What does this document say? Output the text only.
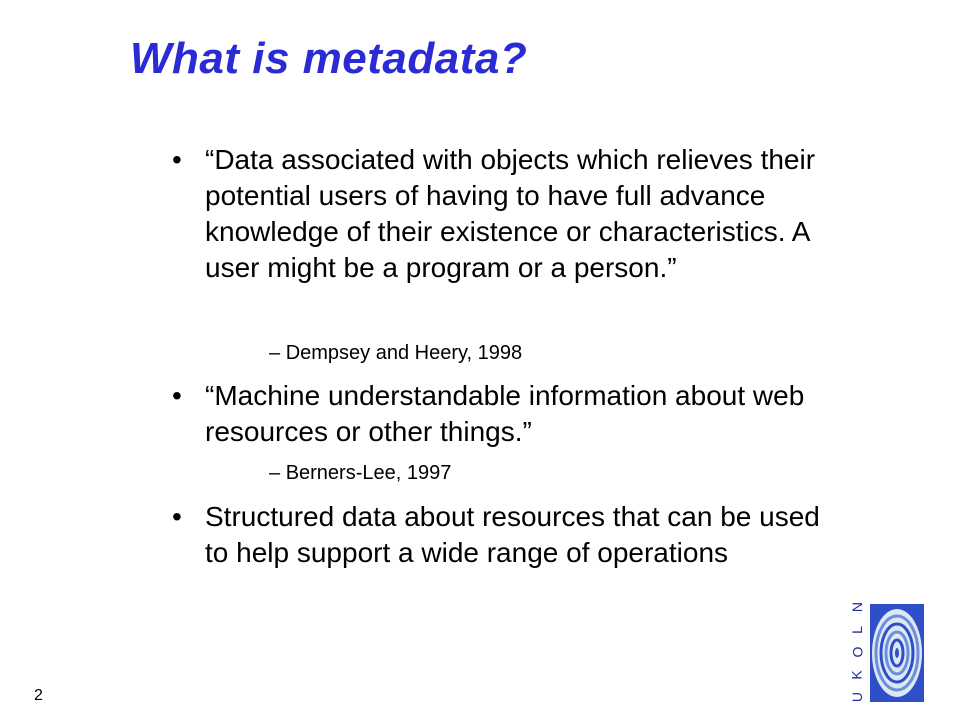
What is metadata?
• “Data associated with objects which relieves their potential users of having to have full advance knowledge of their existence or characteristics. A user might be a program or a person.”
– Dempsey and Heery, 1998
• “Machine understandable information about web resources or other things.”
– Berners-Lee, 1997
• Structured data about resources that can be used to help support a wide range of operations
2
N
L
O
K
U
